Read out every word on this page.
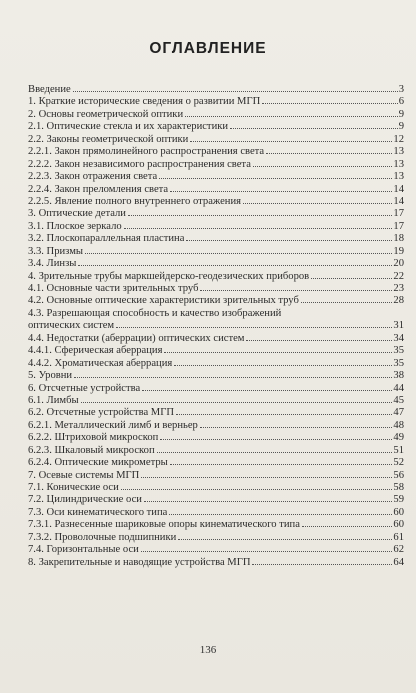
ОГЛАВЛЕНИЕ
Введение	3
1. Краткие исторические сведения о развитии МГП	6
2. Основы геометрической оптики	9
2.1. Оптические стекла и их характеристики	9
2.2. Законы геометрической оптики	12
2.2.1. Закон прямолинейного распространения света	13
2.2.2. Закон независимого распространения света	13
2.2.3. Закон отражения света	13
2.2.4. Закон преломления света	14
2.2.5. Явление полного внутреннего отражения	14
3. Оптические детали	17
3.1. Плоское зеркало	17
3.2. Плоскопараллельная пластина	18
3.3. Призмы	19
3.4. Линзы	20
4. Зрительные трубы маркшейдерско-геодезических приборов	22
4.1. Основные части зрительных труб	23
4.2. Основные оптические характеристики зрительных труб	28
4.3. Разрешающая способность и качество изображений
оптических систем	31
4.4. Недостатки (аберрации) оптических систем	34
4.4.1. Сферическая аберрация	35
4.4.2. Хроматическая аберрация	35
5. Уровни	38
6. Отсчетные устройства	44
6.1. Лимбы	45
6.2. Отсчетные устройства МГП	47
6.2.1. Металлический лимб и верньер	48
6.2.2. Штриховой микроскоп	49
6.2.3. Шкаловый микроскоп	51
6.2.4. Оптические микрометры	52
7. Осевые системы МГП	56
7.1. Конические оси	58
7.2. Цилиндрические оси	59
7.3. Оси кинематического типа	60
7.3.1. Разнесенные шариковые опоры кинематического типа	60
7.3.2. Проволочные подшипники	61
7.4. Горизонтальные оси	62
8. Закрепительные и наводящие устройства МГП	64
136
